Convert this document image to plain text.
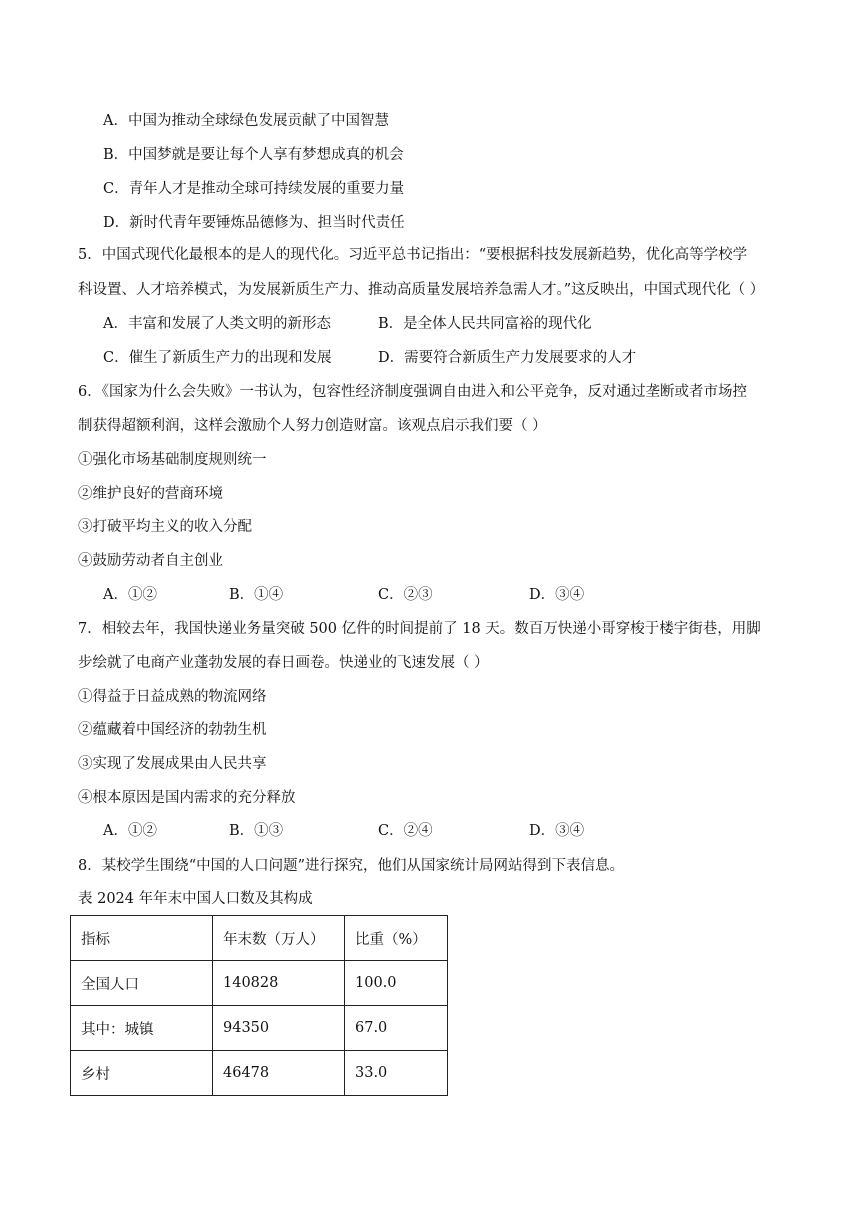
A．中国为推动全球绿色发展贡献了中国智慧
B．中国梦就是要让每个人享有梦想成真的机会
C．青年人才是推动全球可持续发展的重要力量
D．新时代青年要锤炼品德修为、担当时代责任
5．中国式现代化最根本的是人的现代化。习近平总书记指出：“要根据科技发展新趋势，优化高等学校学
科设置、人才培养模式，为发展新质生产力、推动高质量发展培养急需人才。”这反映出，中国式现代化（ ）
A．丰富和发展了人类文明的新形态	B．是全体人民共同富裕的现代化
C．催生了新质生产力的出现和发展	D．需要符合新质生产力发展要求的人才
6．《国家为什么会失败》一书认为，包容性经济制度强调自由进入和公平竞争，反对通过垄断或者市场控
制获得超额利润，这样会激励个人努力创造财富。该观点启示我们要（ ）
①强化市场基础制度规则统一
②维护良好的营商环境
③打破平均主义的收入分配
④鼓励劳动者自主创业
A．①②	B．①④	C．②③	D．③④
7．相较去年，我国快递业务量突破 500 亿件的时间提前了 18 天。数百万快递小哥穿梭于楼宇街巷，用脚
步绘就了电商产业蓬勃发展的春日画卷。快递业的飞速发展（ ）
①得益于日益成熟的物流网络
②蕴藏着中国经济的勃勃生机
③实现了发展成果由人民共享
④根本原因是国内需求的充分释放
A．①②	B．①③	C．②④	D．③④
8．某校学生围绕“中国的人口问题”进行探究，他们从国家统计局网站得到下表信息。
表 2024 年年末中国人口数及其构成
指标	年末数（万人）	比重（%）
全国人口	140828	100.0
其中：城镇	94350	67.0
乡村	46478	33.0
